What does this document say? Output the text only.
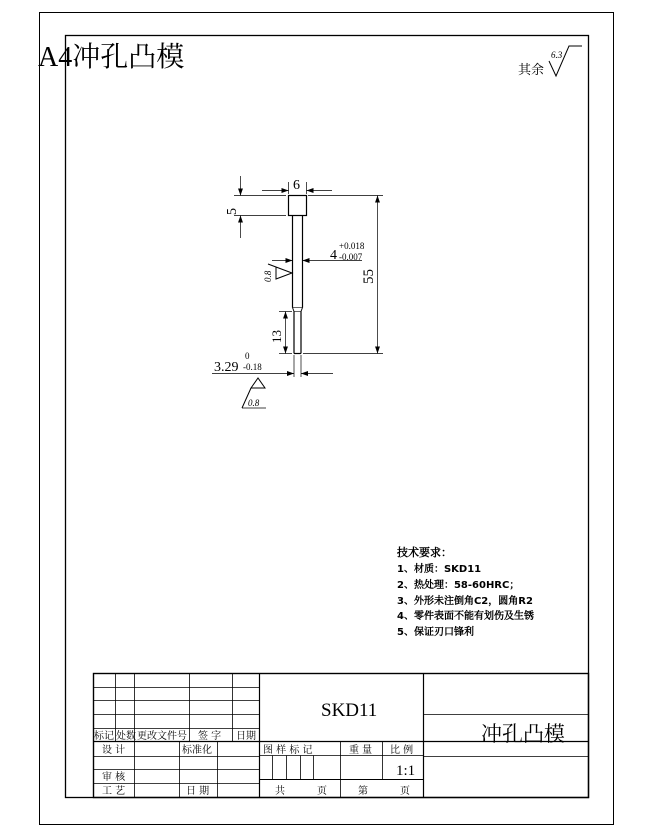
A4冲孔凸模	其余
6.3
6
5
4
+0.018
-0.007
55
13
3.29
0
-0.18
0.8
0.8
技术要求：
1、材质：SKD11
2、热处理：58-60HRC；
3、外形未注倒角C2，圆角R2
4、零件表面不能有划伤及生锈
5、保证刃口锋利
SKD11
冲孔凸模
标记 处数 更改文件号 签 字 日期
设 计	标准化
审 核
工 艺	日 期
图 样 标 记	重 量 比 例
1:1
共	页	第	页
